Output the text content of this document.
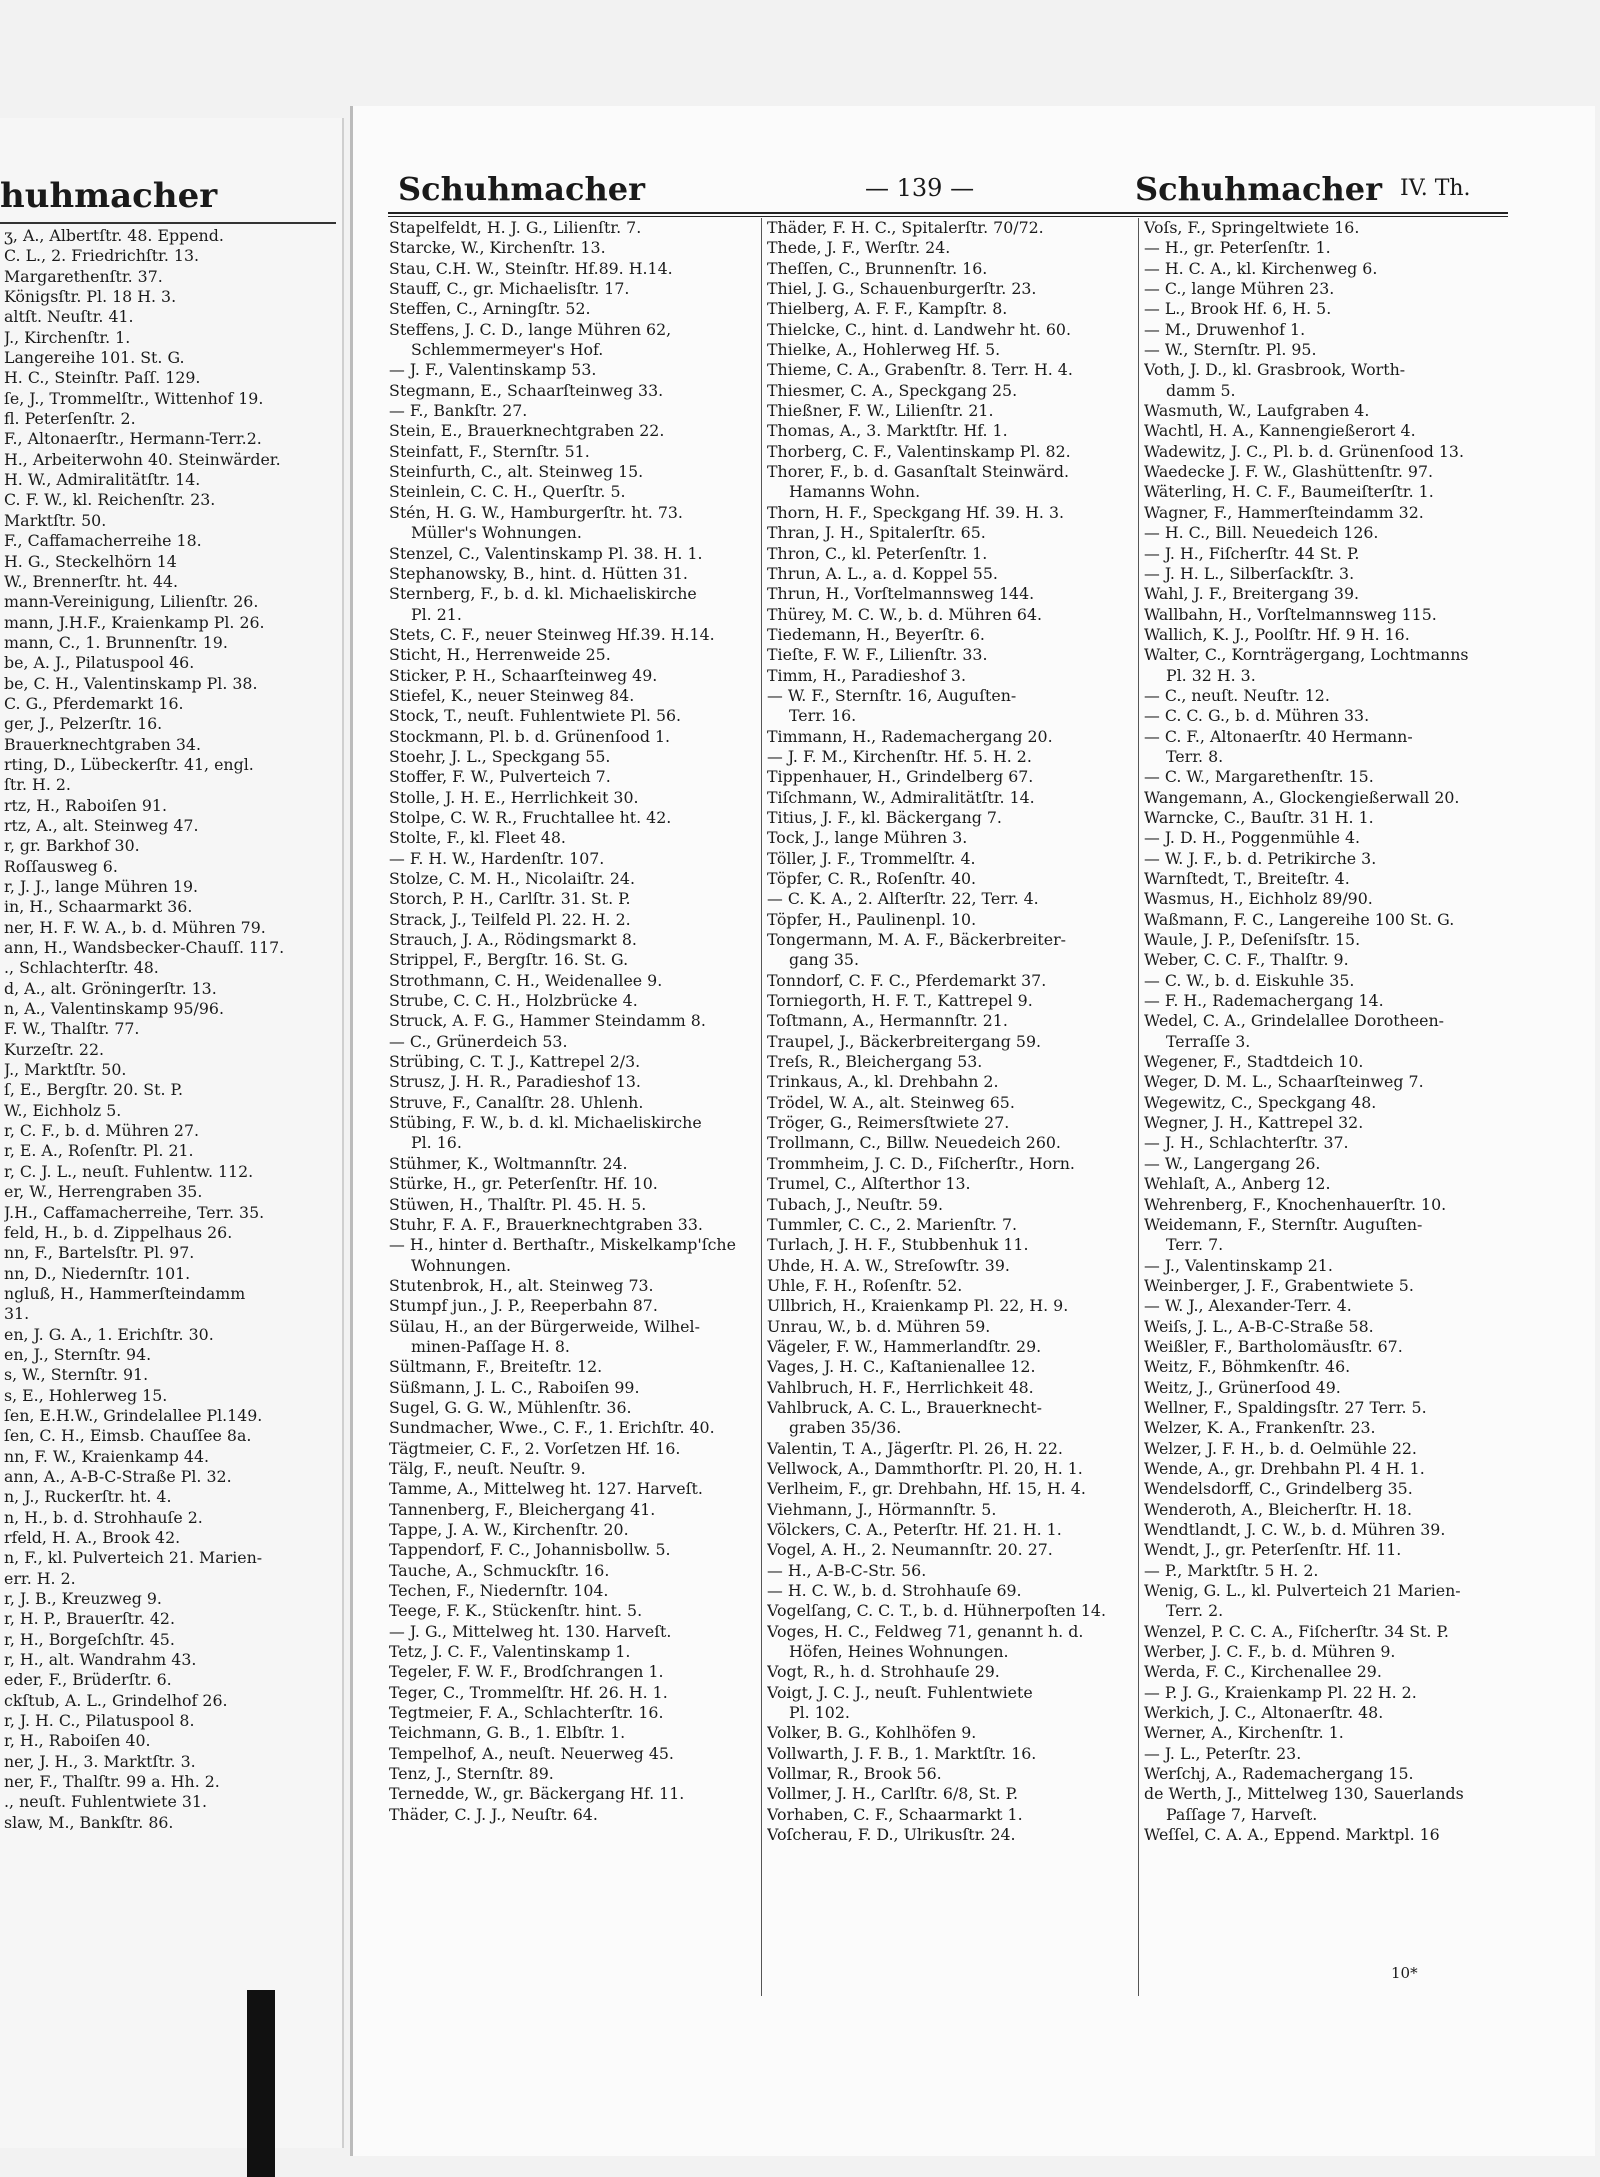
huhmacher
ʒ, A., Albertſtr. 48. Eppend.
C. L., 2. Friedrichſtr. 13.
Margarethenſtr. 37.
Königsſtr. Pl. 18 H. 3.
altſt. Neuſtr. 41.
J., Kirchenſtr. 1.
Langereihe 101. St. G.
H. C., Steinſtr. Paſſ. 129.
ſe, J., Trommelſtr., Wittenhof 19.
fl. Peterſenſtr. 2.
F., Altonaerſtr., Hermann-Terr.2.
H., Arbeiterwohn 40. Steinwärder.
H. W., Admiralitätſtr. 14.
C. F. W., kl. Reichenſtr. 23.
Marktſtr. 50.
F., Caffamacherreihe 18.
H. G., Steckelhörn 14
W., Brennerſtr. ht. 44.
mann-Vereinigung, Lilienſtr. 26.
mann, J.H.F., Kraienkamp Pl. 26.
mann, C., 1. Brunnenſtr. 19.
be, A. J., Pilatuspool 46.
be, C. H., Valentinskamp Pl. 38.
C. G., Pferdemarkt 16.
ger, J., Pelzerſtr. 16.
Brauerknechtgraben 34.
rting, D., Lübeckerſtr. 41, engl.
ſtr. H. 2.
rtz, H., Raboiſen 91.
rtz, A., alt. Steinweg 47.
r, gr. Barkhof 30.
Roſſausweg 6.
r, J. J., lange Mühren 19.
in, H., Schaarmarkt 36.
ner, H. F. W. A., b. d. Mühren 79.
ann, H., Wandsbecker-Chauſſ. 117.
., Schlachterſtr. 48.
d, A., alt. Gröningerſtr. 13.
n, A., Valentinskamp 95/96.
F. W., Thalſtr. 77.
Kurzeſtr. 22.
J., Marktſtr. 50.
ſ, E., Bergſtr. 20. St. P.
W., Eichholz 5.
r, C. F., b. d. Mühren 27.
r, E. A., Roſenſtr. Pl. 21.
r, C. J. L., neuſt. Fuhlentw. 112.
er, W., Herrengraben 35.
J.H., Caffamacherreihe, Terr. 35.
feld, H., b. d. Zippelhaus 26.
nn, F., Bartelsſtr. Pl. 97.
nn, D., Niedernſtr. 101.
ngluß, H., Hammerſteindamm
31.
en, J. G. A., 1. Erichſtr. 30.
en, J., Sternſtr. 94.
s, W., Sternſtr. 91.
s, E., Hohlerweg 15.
ſen, E.H.W., Grindelallee Pl.149.
ſen, C. H., Eimsb. Chauſſee 8a.
nn, F. W., Kraienkamp 44.
ann, A., A-B-C-Straße Pl. 32.
n, J., Ruckerſtr. ht. 4.
n, H., b. d. Strohhauſe 2.
rfeld, H. A., Brook 42.
n, F., kl. Pulverteich 21. Marien-
err. H. 2.
r, J. B., Kreuzweg 9.
r, H. P., Brauerſtr. 42.
r, H., Borgeſchſtr. 45.
r, H., alt. Wandrahm 43.
eder, F., Brüderſtr. 6.
ckſtub, A. L., Grindelhof 26.
r, J. H. C., Pilatuspool 8.
r, H., Raboiſen 40.
ner, J. H., 3. Marktſtr. 3.
ner, F., Thalſtr. 99 a. Hh. 2.
., neuſt. Fuhlentwiete 31.
slaw, M., Bankſtr. 86.
Schuhmacher	— 139 —	Schuhmacher IV. Th.
Stapelfeldt, H. J. G., Lilienſtr. 7.
Starcke, W., Kirchenſtr. 13.
Stau, C.H. W., Steinſtr. Hf.89. H.14.
Stauff, C., gr. Michaelisſtr. 17.
Steffen, C., Arningſtr. 52.
Steffens, J. C. D., lange Mühren 62,
Schlemmermeyer's Hof.
— J. F., Valentinskamp 53.
Stegmann, E., Schaarſteinweg 33.
— F., Bankſtr. 27.
Stein, E., Brauerknechtgraben 22.
Steinfatt, F., Sternſtr. 51.
Steinfurth, C., alt. Steinweg 15.
Steinlein, C. C. H., Querſtr. 5.
Stén, H. G. W., Hamburgerſtr. ht. 73.
Müller's Wohnungen.
Stenzel, C., Valentinskamp Pl. 38. H. 1.
Stephanowsky, B., hint. d. Hütten 31.
Sternberg, F., b. d. kl. Michaeliskirche
Pl. 21.
Stets, C. F., neuer Steinweg Hf.39. H.14.
Sticht, H., Herrenweide 25.
Sticker, P. H., Schaarſteinweg 49.
Stiefel, K., neuer Steinweg 84.
Stock, T., neuſt. Fuhlentwiete Pl. 56.
Stockmann, Pl. b. d. Grünenſood 1.
Stoehr, J. L., Speckgang 55.
Stoffer, F. W., Pulverteich 7.
Stolle, J. H. E., Herrlichkeit 30.
Stolpe, C. W. R., Fruchtallee ht. 42.
Stolte, F., kl. Fleet 48.
— F. H. W., Hardenſtr. 107.
Stolze, C. M. H., Nicolaiſtr. 24.
Storch, P. H., Carlſtr. 31. St. P.
Strack, J., Teilfeld Pl. 22. H. 2.
Strauch, J. A., Rödingsmarkt 8.
Strippel, F., Bergſtr. 16. St. G.
Strothmann, C. H., Weidenallee 9.
Strube, C. C. H., Holzbrücke 4.
Struck, A. F. G., Hammer Steindamm 8.
— C., Grünerdeich 53.
Strübing, C. T. J., Kattrepel 2/3.
Strusz, J. H. R., Paradieshof 13.
Struve, F., Canalſtr. 28. Uhlenh.
Stübing, F. W., b. d. kl. Michaeliskirche
Pl. 16.
Stühmer, K., Woltmannſtr. 24.
Stürke, H., gr. Peterſenſtr. Hf. 10.
Stüwen, H., Thalſtr. Pl. 45. H. 5.
Stuhr, F. A. F., Brauerknechtgraben 33.
— H., hinter d. Berthaſtr., Miskelkamp'ſche
Wohnungen.
Stutenbrok, H., alt. Steinweg 73.
Stumpf jun., J. P., Reeperbahn 87.
Sülau, H., an der Bürgerweide, Wilhel-
minen-Paſſage H. 8.
Sültmann, F., Breiteſtr. 12.
Süßmann, J. L. C., Raboiſen 99.
Sugel, G. G. W., Mühlenſtr. 36.
Sundmacher, Wwe., C. F., 1. Erichſtr. 40.
Tägtmeier, C. F., 2. Vorſetzen Hf. 16.
Tälg, F., neuſt. Neuſtr. 9.
Tamme, A., Mittelweg ht. 127. Harveſt.
Tannenberg, F., Bleichergang 41.
Tappe, J. A. W., Kirchenſtr. 20.
Tappendorf, F. C., Johannisbollw. 5.
Tauche, A., Schmuckſtr. 16.
Techen, F., Niedernſtr. 104.
Teege, F. K., Stückenſtr. hint. 5.
— J. G., Mittelweg ht. 130. Harveſt.
Tetz, J. C. F., Valentinskamp 1.
Tegeler, F. W. F., Brodſchrangen 1.
Teger, C., Trommelſtr. Hf. 26. H. 1.
Tegtmeier, F. A., Schlachterſtr. 16.
Teichmann, G. B., 1. Elbſtr. 1.
Tempelhof, A., neuſt. Neuerweg 45.
Tenz, J., Sternſtr. 89.
Ternedde, W., gr. Bäckergang Hf. 11.
Thäder, C. J. J., Neuſtr. 64.
Thäder, F. H. C., Spitalerſtr. 70/72.
Thede, J. F., Werſtr. 24.
Theſſen, C., Brunnenſtr. 16.
Thiel, J. G., Schauenburgerſtr. 23.
Thielberg, A. F. F., Kampſtr. 8.
Thielcke, C., hint. d. Landwehr ht. 60.
Thielke, A., Hohlerweg Hf. 5.
Thieme, C. A., Grabenſtr. 8. Terr. H. 4.
Thiesmer, C. A., Speckgang 25.
Thießner, F. W., Lilienſtr. 21.
Thomas, A., 3. Marktſtr. Hf. 1.
Thorberg, C. F., Valentinskamp Pl. 82.
Thorer, F., b. d. Gasanſtalt Steinwärd.
Hamanns Wohn.
Thorn, H. F., Speckgang Hf. 39. H. 3.
Thran, J. H., Spitalerſtr. 65.
Thron, C., kl. Peterſenſtr. 1.
Thrun, A. L., a. d. Koppel 55.
Thrun, H., Vorſtelmannsweg 144.
Thürey, M. C. W., b. d. Mühren 64.
Tiedemann, H., Beyerſtr. 6.
Tieſte, F. W. F., Lilienſtr. 33.
Timm, H., Paradieshof 3.
— W. F., Sternſtr. 16, Auguſten-
Terr. 16.
Timmann, H., Rademachergang 20.
— J. F. M., Kirchenſtr. Hf. 5. H. 2.
Tippenhauer, H., Grindelberg 67.
Tiſchmann, W., Admiralitätſtr. 14.
Titius, J. F., kl. Bäckergang 7.
Tock, J., lange Mühren 3.
Töller, J. F., Trommelſtr. 4.
Töpfer, C. R., Roſenſtr. 40.
— C. K. A., 2. Alſterſtr. 22, Terr. 4.
Töpfer, H., Paulinenpl. 10.
Tongermann, M. A. F., Bäckerbreiter-
gang 35.
Tonndorf, C. F. C., Pferdemarkt 37.
Torniegorth, H. F. T., Kattrepel 9.
Toſtmann, A., Hermannſtr. 21.
Traupel, J., Bäckerbreitergang 59.
Treſs, R., Bleichergang 53.
Trinkaus, A., kl. Drehbahn 2.
Trödel, W. A., alt. Steinweg 65.
Tröger, G., Reimersſtwiete 27.
Trollmann, C., Billw. Neuedeich 260.
Trommheim, J. C. D., Fiſcherſtr., Horn.
Trumel, C., Alſterthor 13.
Tubach, J., Neuſtr. 59.
Tummler, C. C., 2. Marienſtr. 7.
Turlach, J. H. F., Stubbenhuk 11.
Uhde, H. A. W., Streſowſtr. 39.
Uhle, F. H., Roſenſtr. 52.
Ullbrich, H., Kraienkamp Pl. 22, H. 9.
Unrau, W., b. d. Mühren 59.
Vägeler, F. W., Hammerlandſtr. 29.
Vages, J. H. C., Kaſtanienallee 12.
Vahlbruch, H. F., Herrlichkeit 48.
Vahlbruck, A. C. L., Brauerknecht-
graben 35/36.
Valentin, T. A., Jägerſtr. Pl. 26, H. 22.
Vellwock, A., Dammthorſtr. Pl. 20, H. 1.
Verlheim, F., gr. Drehbahn, Hf. 15, H. 4.
Viehmann, J., Hörmannſtr. 5.
Völckers, C. A., Peterſtr. Hf. 21. H. 1.
Vogel, A. H., 2. Neumannſtr. 20. 27.
— H., A-B-C-Str. 56.
— H. C. W., b. d. Strohhauſe 69.
Vogelſang, C. C. T., b. d. Hühnerpoſten 14.
Voges, H. C., Feldweg 71, genannt h. d.
Höfen, Heines Wohnungen.
Vogt, R., h. d. Strohhauſe 29.
Voigt, J. C. J., neuſt. Fuhlentwiete
Pl. 102.
Volker, B. G., Kohlhöfen 9.
Vollwarth, J. F. B., 1. Marktſtr. 16.
Vollmar, R., Brook 56.
Vollmer, J. H., Carlſtr. 6/8, St. P.
Vorhaben, C. F., Schaarmarkt 1.
Voſcherau, F. D., Ulrikusſtr. 24.
Voſs, F., Springeltwiete 16.
— H., gr. Peterſenſtr. 1.
— H. C. A., kl. Kirchenweg 6.
— C., lange Mühren 23.
— L., Brook Hf. 6, H. 5.
— M., Druwenhof 1.
— W., Sternſtr. Pl. 95.
Voth, J. D., kl. Grasbrook, Worth-
damm 5.
Wasmuth, W., Laufgraben 4.
Wachtl, H. A., Kannengießerort 4.
Wadewitz, J. C., Pl. b. d. Grünenſood 13.
Waedecke J. F. W., Glashüttenſtr. 97.
Wäterling, H. C. F., Baumeiſterſtr. 1.
Wagner, F., Hammerſteindamm 32.
— H. C., Bill. Neuedeich 126.
— J. H., Fiſcherſtr. 44 St. P.
— J. H. L., Silberſackſtr. 3.
Wahl, J. F., Breitergang 39.
Wallbahn, H., Vorſtelmannsweg 115.
Wallich, K. J., Poolſtr. Hf. 9 H. 16.
Walter, C., Kornträgergang, Lochtmanns
Pl. 32 H. 3.
— C., neuſt. Neuſtr. 12.
— C. C. G., b. d. Mühren 33.
— C. F., Altonaerſtr. 40 Hermann-
Terr. 8.
— C. W., Margarethenſtr. 15.
Wangemann, A., Glockengießerwall 20.
Warncke, C., Bauſtr. 31 H. 1.
— J. D. H., Poggenmühle 4.
— W. J. F., b. d. Petrikirche 3.
Warnſtedt, T., Breiteſtr. 4.
Wasmus, H., Eichholz 89/90.
Waßmann, F. C., Langereihe 100 St. G.
Waule, J. P., Deſeniſsſtr. 15.
Weber, C. C. F., Thalſtr. 9.
— C. W., b. d. Eiskuhle 35.
— F. H., Rademachergang 14.
Wedel, C. A., Grindelallee Dorotheen-
Terraſſe 3.
Wegener, F., Stadtdeich 10.
Weger, D. M. L., Schaarſteinweg 7.
Wegewitz, C., Speckgang 48.
Wegner, J. H., Kattrepel 32.
— J. H., Schlachterſtr. 37.
— W., Langergang 26.
Wehlaſt, A., Anberg 12.
Wehrenberg, F., Knochenhauerſtr. 10.
Weidemann, F., Sternſtr. Auguſten-
Terr. 7.
— J., Valentinskamp 21.
Weinberger, J. F., Grabentwiete 5.
— W. J., Alexander-Terr. 4.
Weiſs, J. L., A-B-C-Straße 58.
Weißler, F., Bartholomäusſtr. 67.
Weitz, F., Böhmkenſtr. 46.
Weitz, J., Grünerſood 49.
Wellner, F., Spaldingsſtr. 27 Terr. 5.
Welzer, K. A., Frankenſtr. 23.
Welzer, J. F. H., b. d. Oelmühle 22.
Wende, A., gr. Drehbahn Pl. 4 H. 1.
Wendelsdorff, C., Grindelberg 35.
Wenderoth, A., Bleicherſtr. H. 18.
Wendtlandt, J. C. W., b. d. Mühren 39.
Wendt, J., gr. Peterſenſtr. Hf. 11.
— P., Marktſtr. 5 H. 2.
Wenig, G. L., kl. Pulverteich 21 Marien-
Terr. 2.
Wenzel, P. C. C. A., Fiſcherſtr. 34 St. P.
Werber, J. C. F., b. d. Mühren 9.
Werda, F. C., Kirchenallee 29.
— P. J. G., Kraienkamp Pl. 22 H. 2.
Werkich, J. C., Altonaerſtr. 48.
Werner, A., Kirchenſtr. 1.
— J. L., Peterſtr. 23.
Werſchj, A., Rademachergang 15.
de Werth, J., Mittelweg 130, Sauerlands
Paſſage 7, Harveſt.
Weſſel, C. A. A., Eppend. Marktpl. 16
10*
